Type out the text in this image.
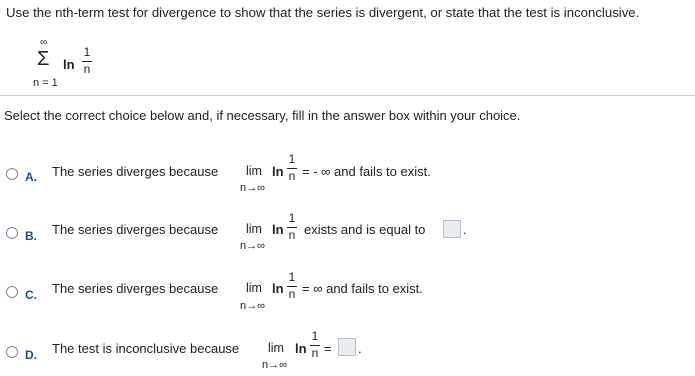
Use the nth-term test for divergence to show that the series is divergent, or state that the test is inconclusive.
∞
Σ ln
1
n
n = 1
Select the correct choice below and, if necessary, fill in the answer box within your choice.
A. The series diverges because lim
n→∞
ln
1
n = - ∞ and fails to exist.
B. The series diverges because lim
n→∞
ln
1
n exists and is equal to	.
C. The series diverges because lim
n→∞
ln
1
n = ∞ and fails to exist.
D. The test is inconclusive because lim
n→∞
ln
1
n = .
